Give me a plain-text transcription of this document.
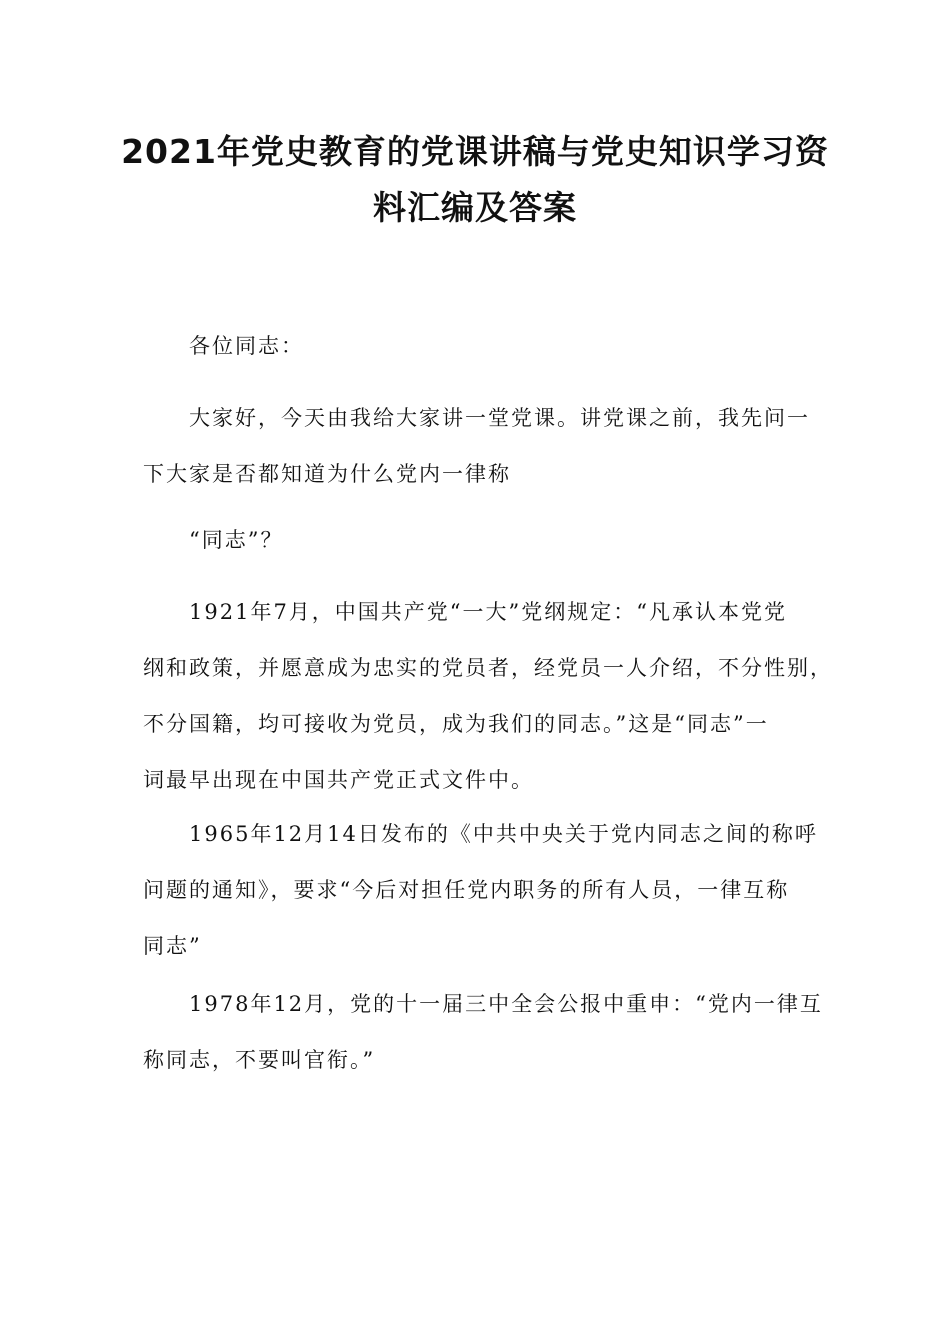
2021年党史教育的党课讲稿与党史知识学习资
料汇编及答案

各位同志：

大家好，今天由我给大家讲一堂党课。讲党课之前，我先问一
下大家是否都知道为什么党内一律称

“同志”？

1921年7月，中国共产党“一大”党纲规定：“凡承认本党党
纲和政策，并愿意成为忠实的党员者，经党员一人介绍，不分性别，
不分国籍，均可接收为党员，成为我们的同志。”这是“同志”一
词最早出现在中国共产党正式文件中。

1965年12月14日发布的《中共中央关于党内同志之间的称呼
问题的通知》，要求“今后对担任党内职务的所有人员，一律互称
同志”

1978年12月，党的十一届三中全会公报中重申：“党内一律互
称同志，不要叫官衔。”
